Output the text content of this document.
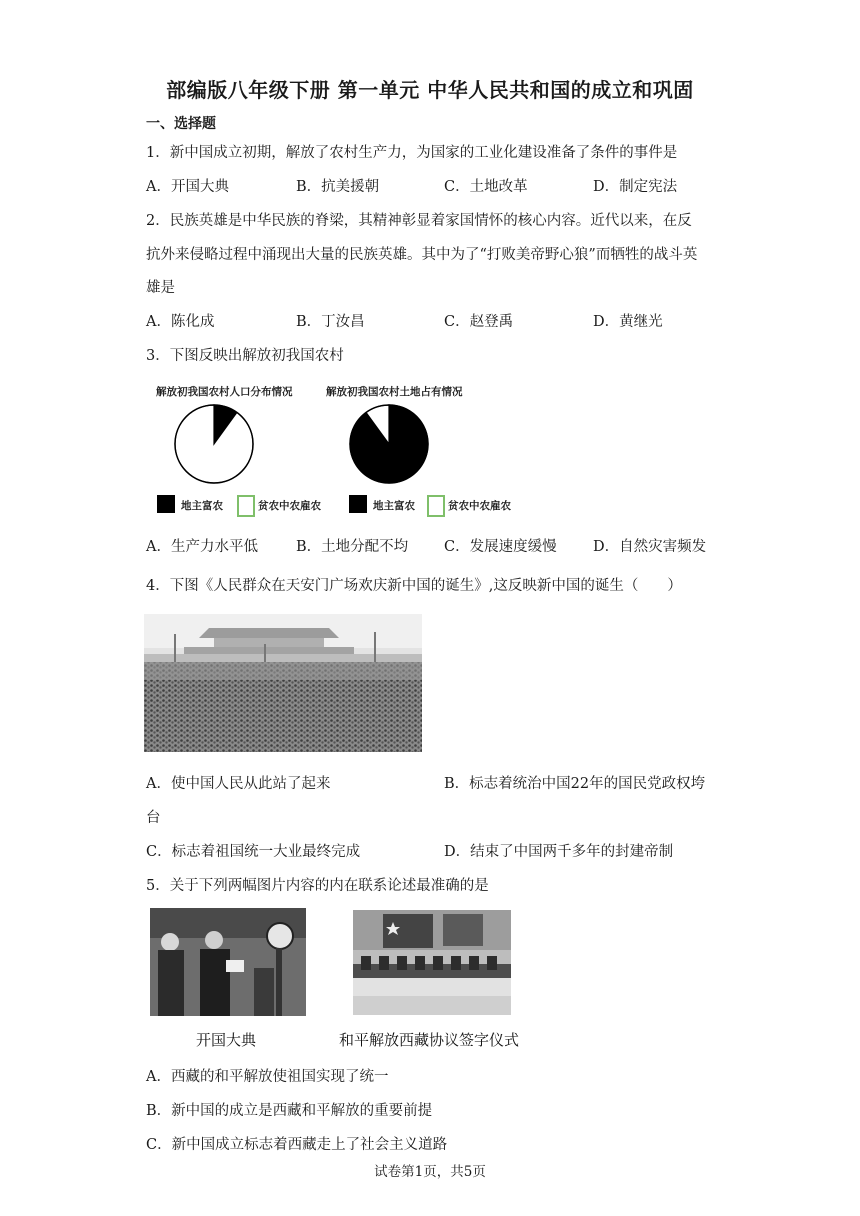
部编版八年级下册 第一单元 中华人民共和国的成立和巩固
一、选择题
1．新中国成立初期，解放了农村生产力，为国家的工业化建设准备了条件的事件是
A．开国大典	B．抗美援朝	C．土地改革	D．制定宪法
2．民族英雄是中华民族的脊梁，其精神彰显着家国情怀的核心内容。近代以来，在反
抗外来侵略过程中涌现出大量的民族英雄。其中为了“打败美帝野心狼”而牺牲的战斗英
雄是
A．陈化成	B．丁汝昌	C．赵登禹	D．黄继光
3．下图反映出解放初我国农村
解放初我国农村人口分布情况	解放初我国农村土地占有情况
地主富农	贫农中农雇农	地主富农	贫农中农雇农
A．生产力水平低	B．土地分配不均 C．发展速度缓慢	D．自然灾害频发
4．下图《人民群众在天安门广场欢庆新中国的诞生》,这反映新中国的诞生（　　）
A．使中国人民从此站了起来	B．标志着统治中国22年的国民党政权垮
台
C．标志着祖国统一大业最终完成	D．结束了中国两千多年的封建帝制
5．关于下列两幅图片内容的内在联系论述最准确的是
开国大典	和平解放西藏协议签字仪式
A．西藏的和平解放使祖国实现了统一
B．新中国的成立是西藏和平解放的重要前提
C．新中国成立标志着西藏走上了社会主义道路
试卷第1页，共5页
